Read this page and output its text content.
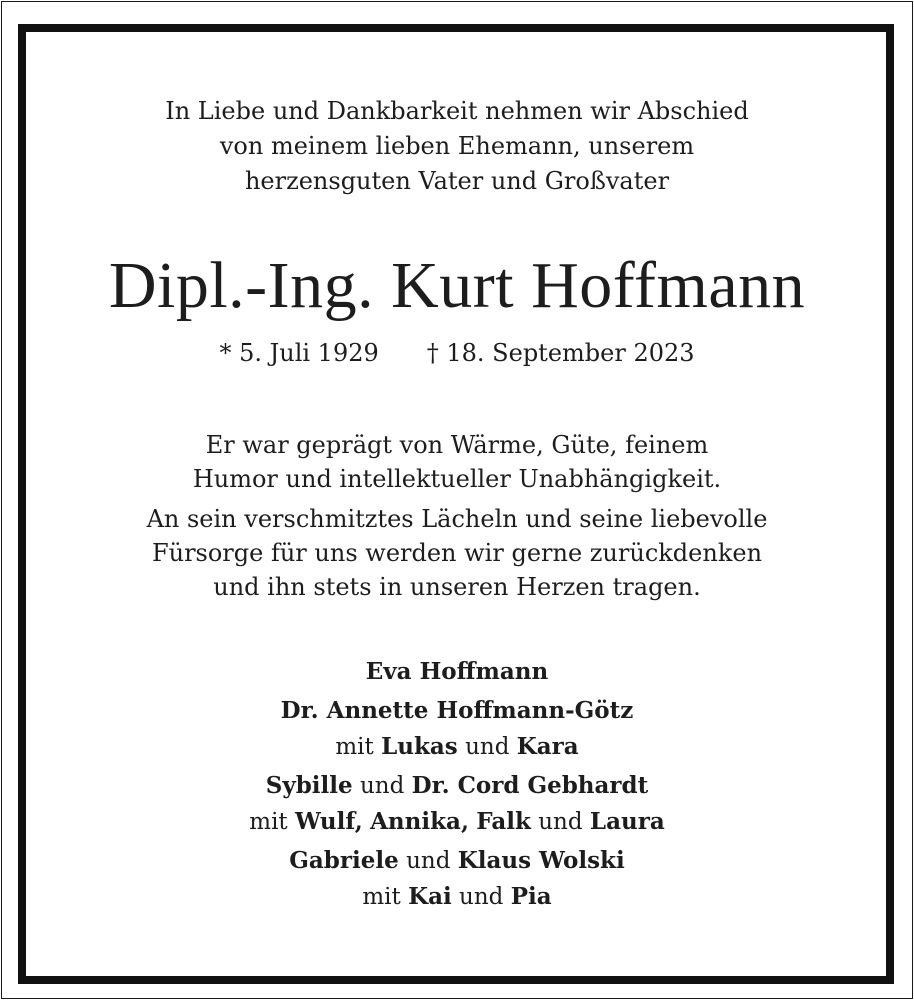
In Liebe und Dankbarkeit nehmen wir Abschied
von meinem lieben Ehemann, unserem
herzensguten Vater und Großvater
Dipl.-Ing. Kurt Hoffmann
* 5. Juli 1929 † 18. September 2023
Er war geprägt von Wärme, Güte, feinem
Humor und intellektueller Unabhängigkeit.
An sein verschmitztes Lächeln und seine liebevolle
Fürsorge für uns werden wir gerne zurückdenken
und ihn stets in unseren Herzen tragen.
Eva Hoffmann
Dr. Annette Hoffmann-Götz
mit Lukas und Kara
Sybille und Dr. Cord Gebhardt
mit Wulf, Annika, Falk und Laura
Gabriele und Klaus Wolski
mit Kai und Pia
